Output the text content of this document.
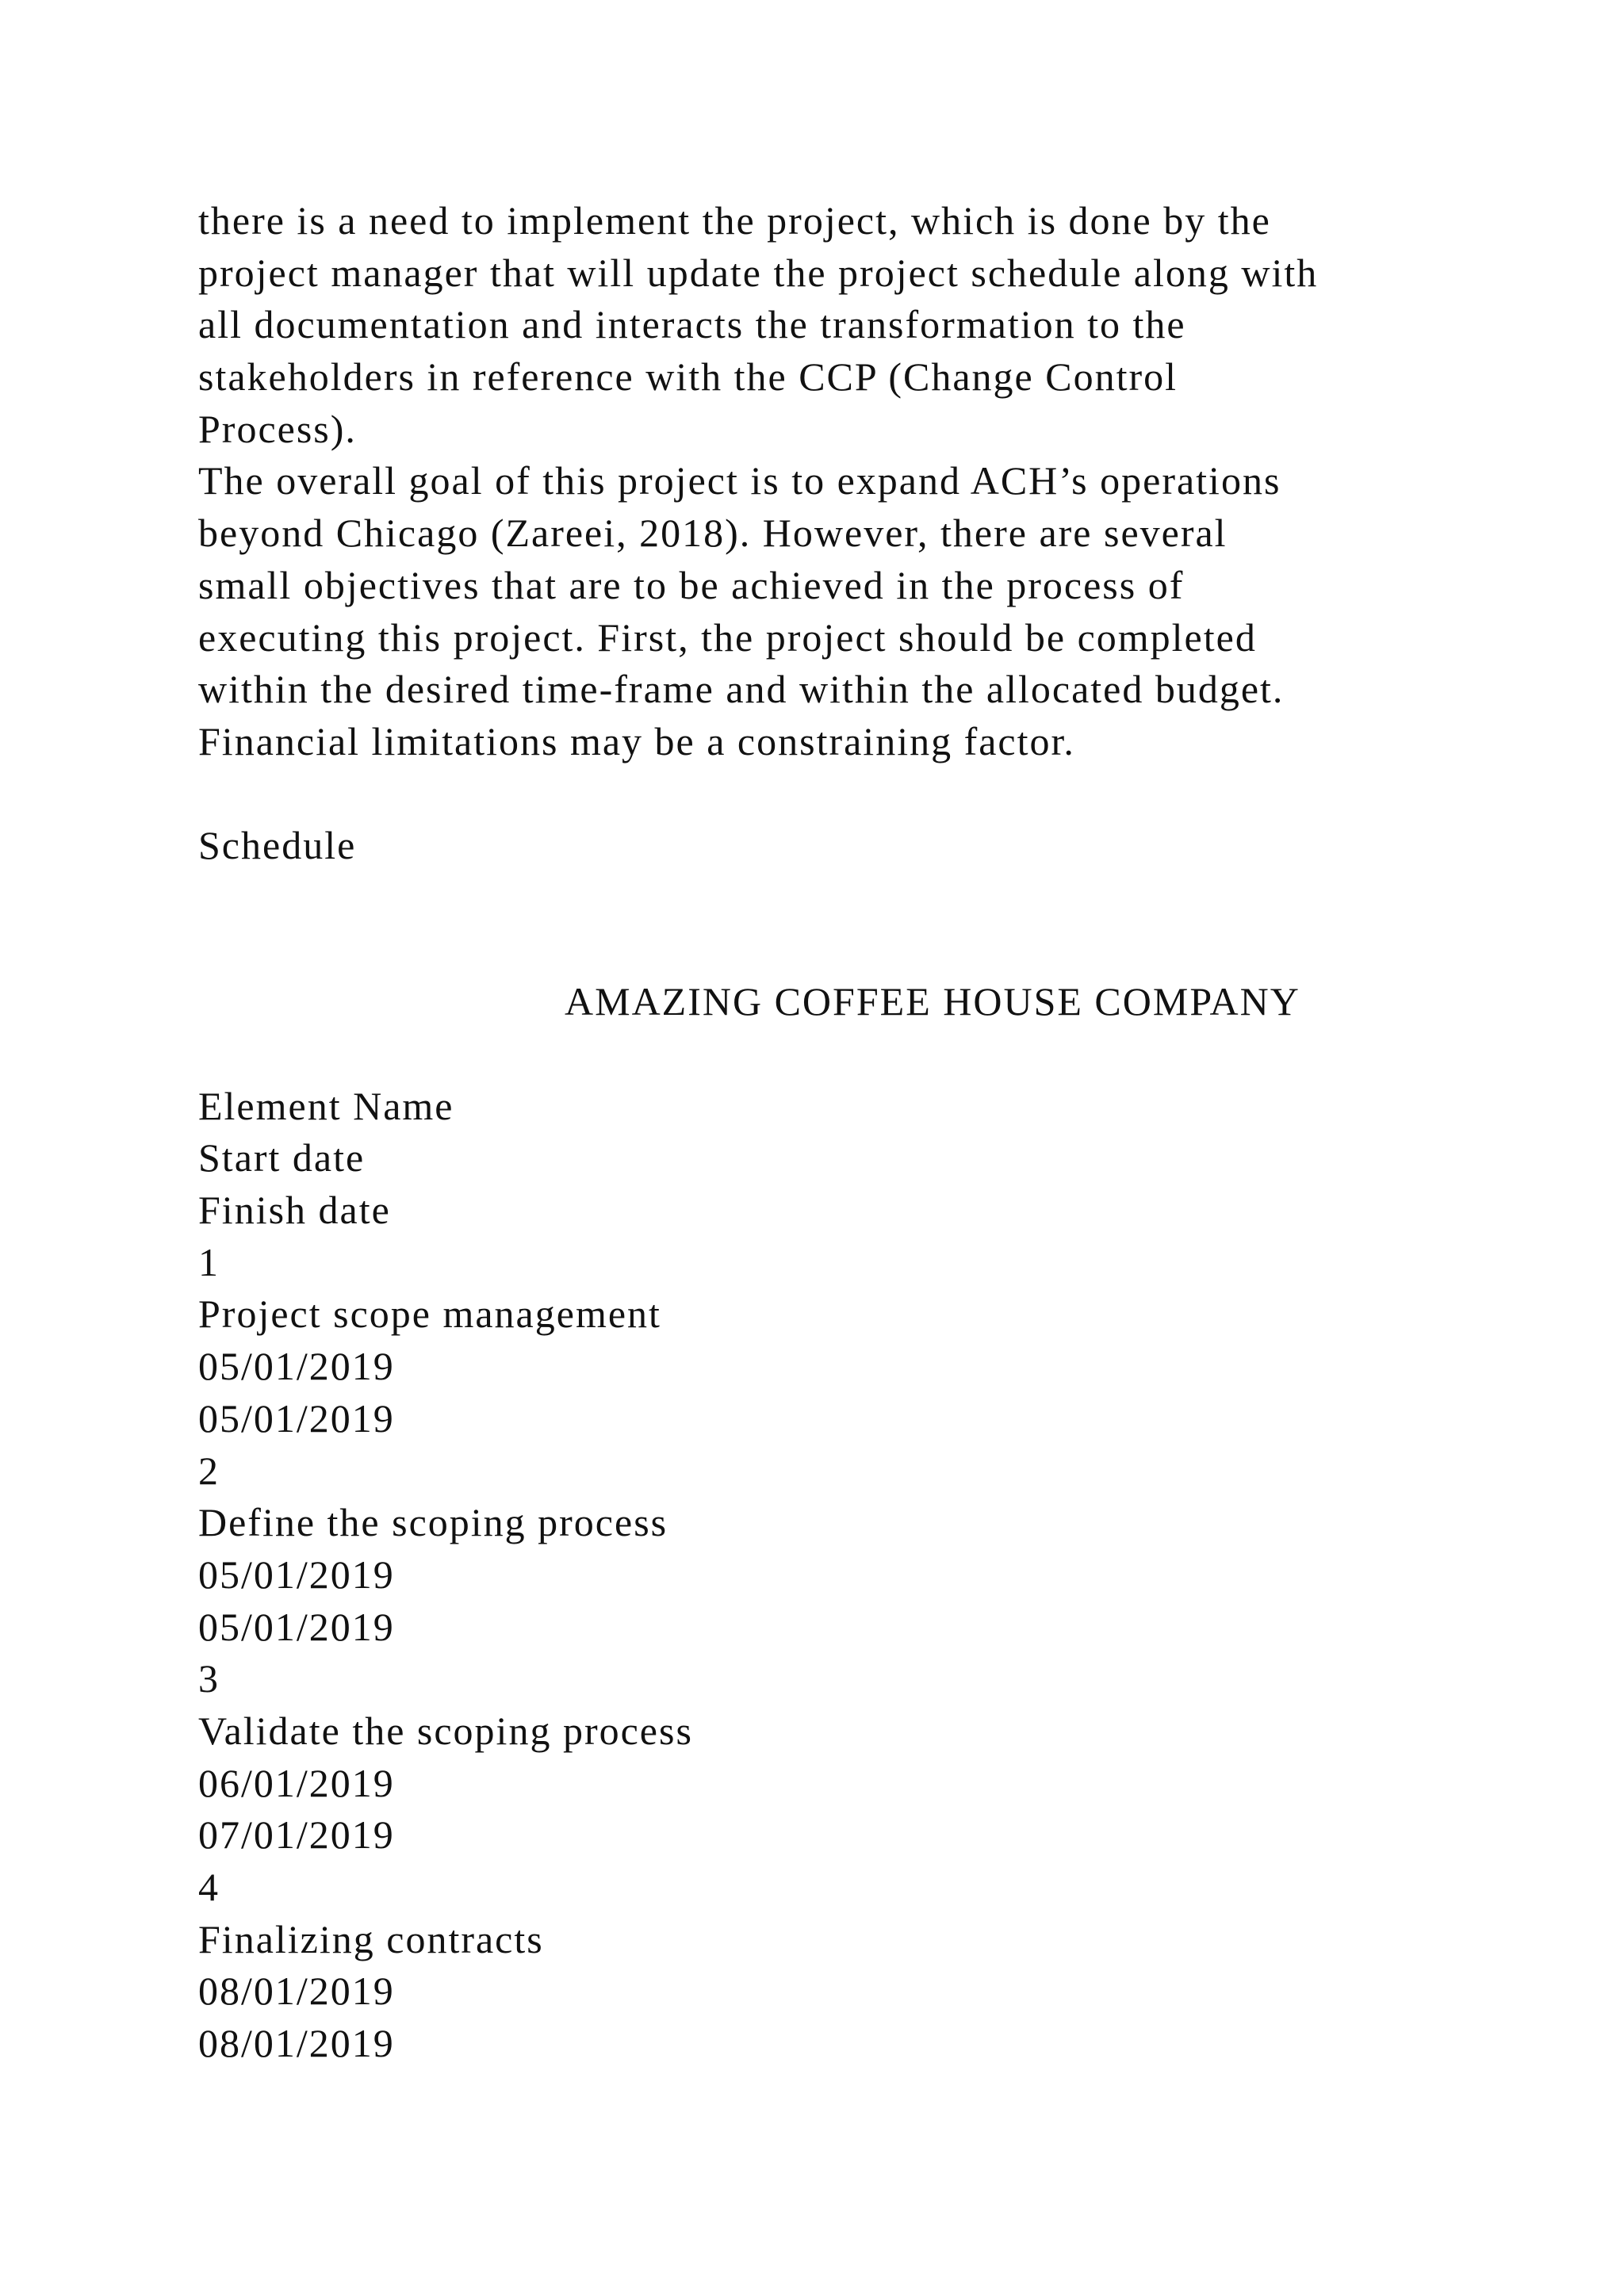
there is a need to implement the project, which is done by the
project manager that will update the project schedule along with
all documentation and interacts the transformation to the
stakeholders in reference with the CCP (Change Control
Process).
The overall goal of this project is to expand ACH’s operations
beyond Chicago (Zareei, 2018). However, there are several
small objectives that are to be achieved in the process of
executing this project. First, the project should be completed
within the desired time-frame and within the allocated budget.
Financial limitations may be a constraining factor.
Schedule
AMAZING COFFEE HOUSE COMPANY
Element Name
Start date
Finish date
1
Project scope management
05/01/2019
05/01/2019
2
Define the scoping process
05/01/2019
05/01/2019
3
Validate the scoping process
06/01/2019
07/01/2019
4
Finalizing contracts
08/01/2019
08/01/2019
